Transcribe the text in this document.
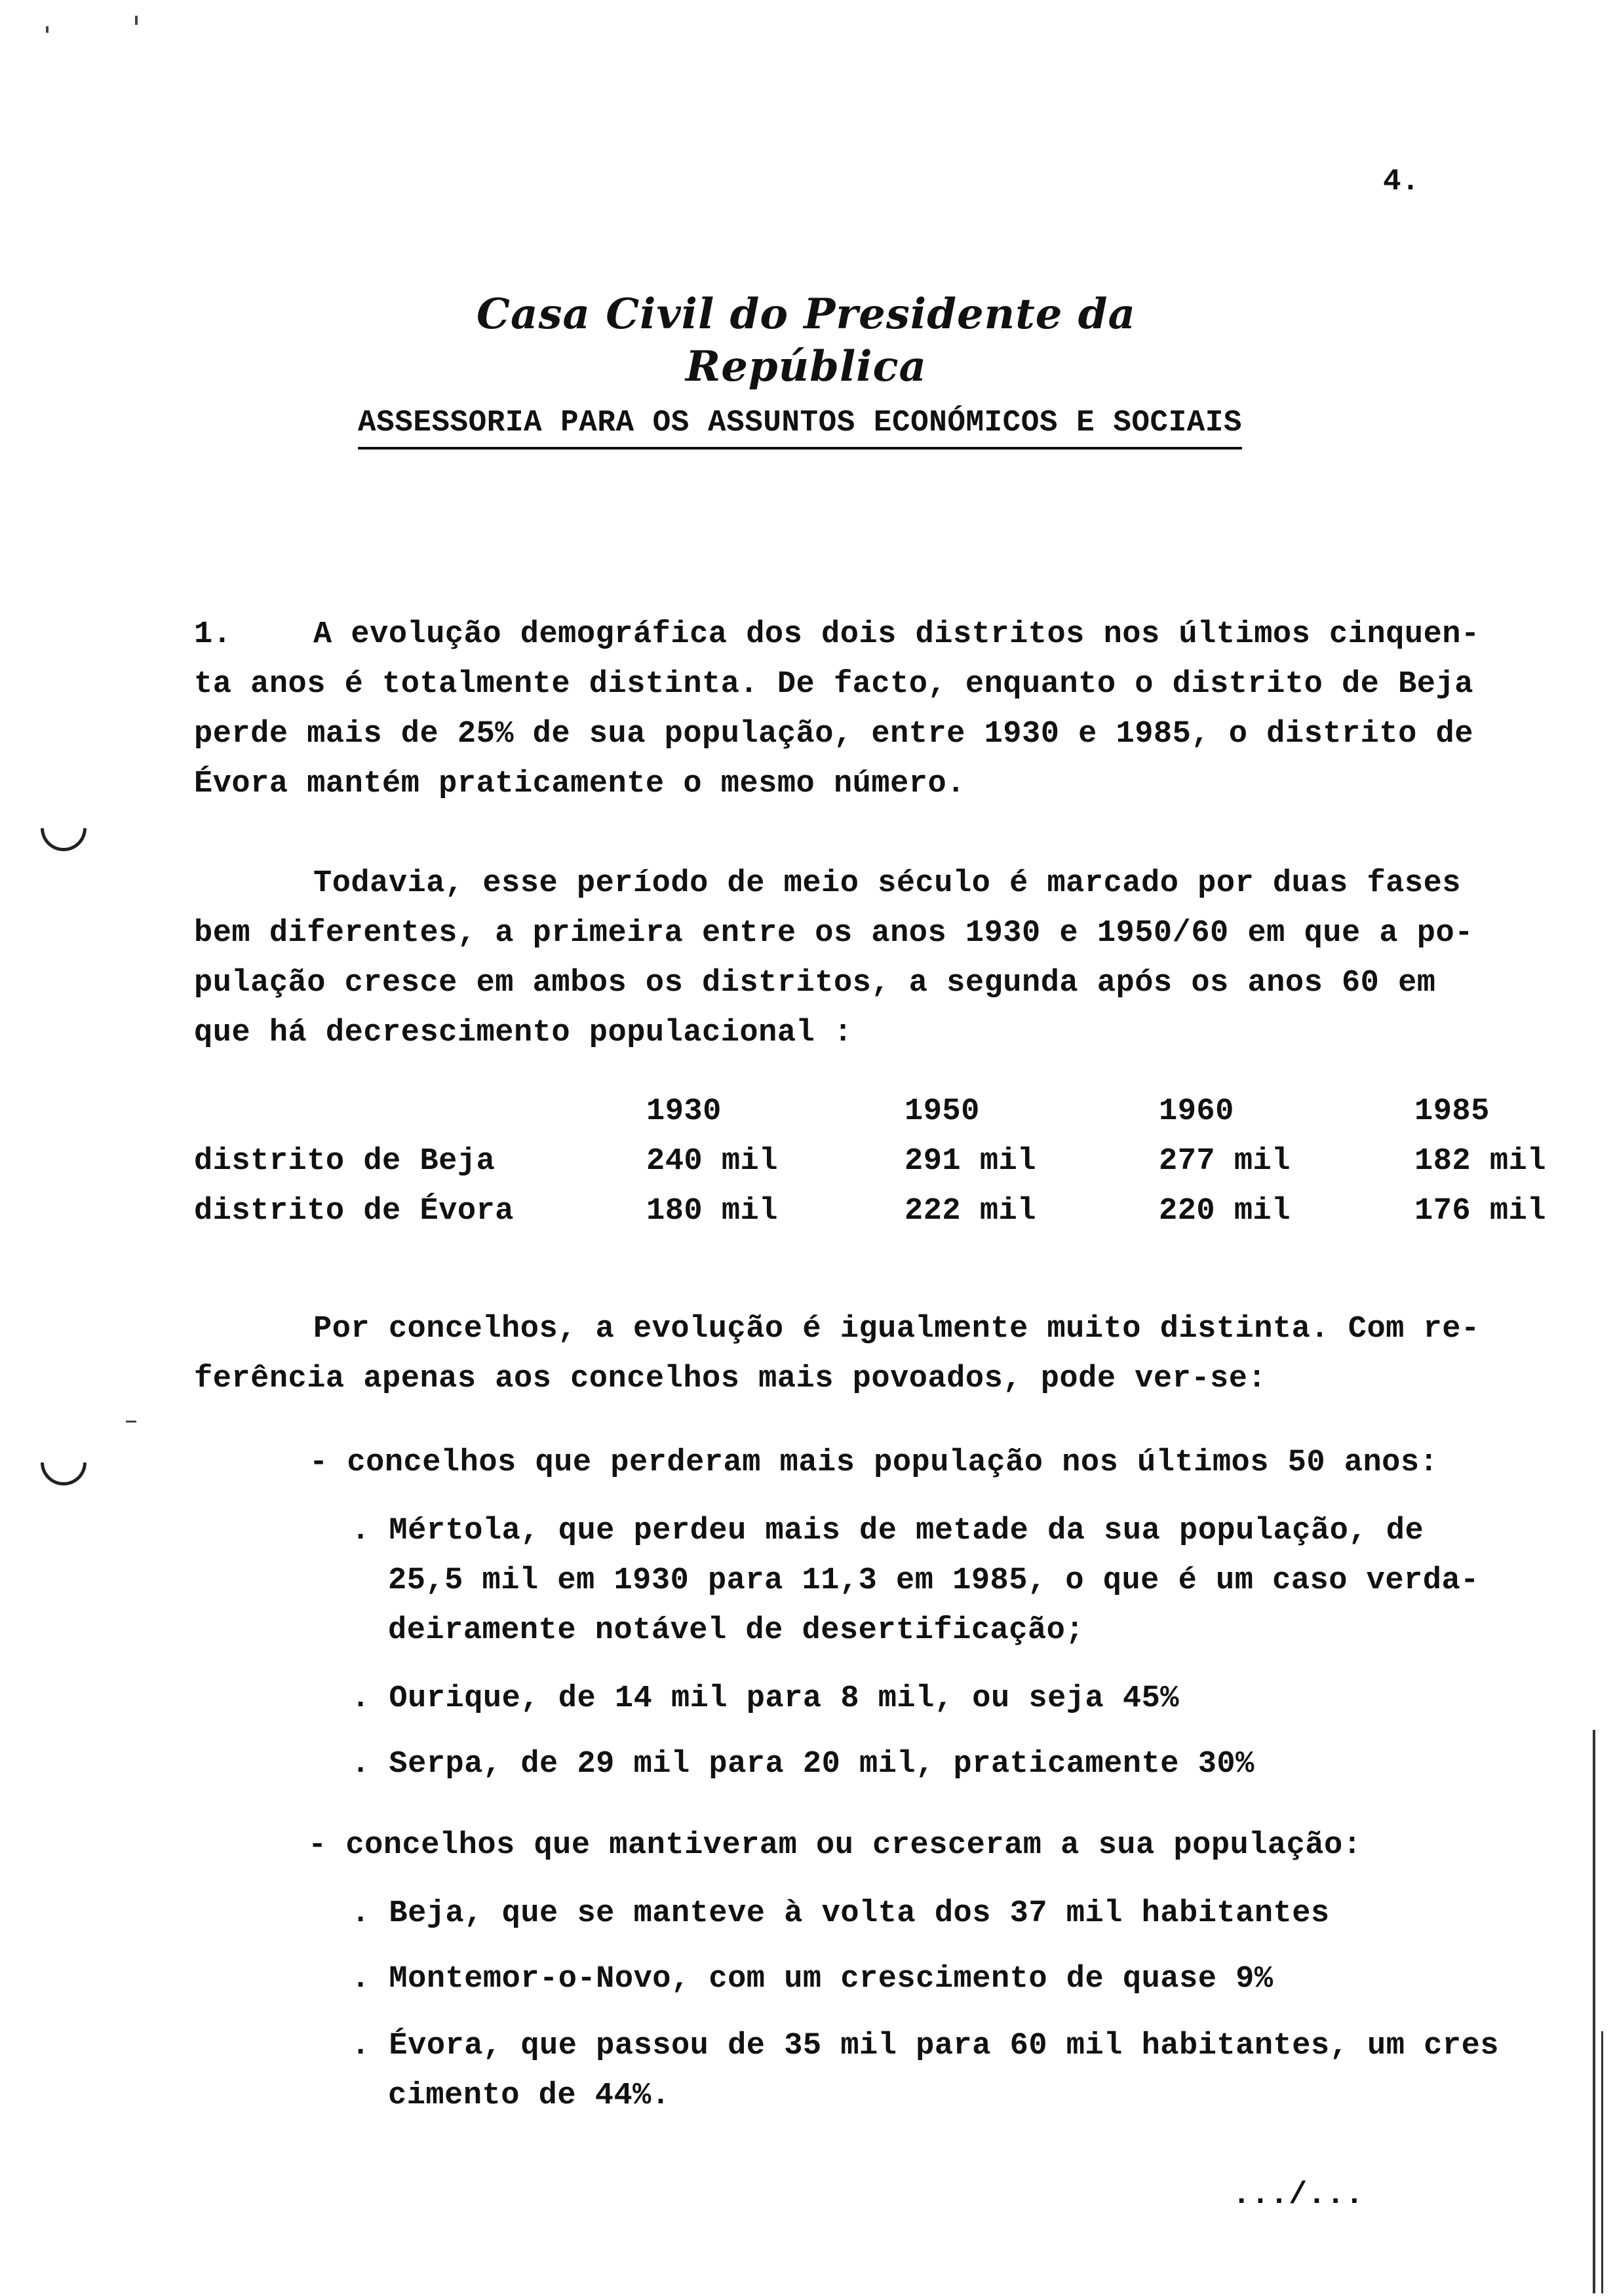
4.
Casa Civil do Presidente da República
ASSESSORIA PARA OS ASSUNTOS ECONÓMICOS E SOCIAIS
1.	A evolução demográfica dos dois distritos nos últimos cinquen-
ta anos é totalmente distinta. De facto, enquanto o distrito de Beja
perde mais de 25% de sua população, entre 1930 e 1985, o distrito de
Évora mantém praticamente o mesmo número.
Todavia, esse período de meio século é marcado por duas fases
bem diferentes, a primeira entre os anos 1930 e 1950/60 em que a po-
pulação cresce em ambos os distritos, a segunda após os anos 60 em
que há decrescimento populacional :
1930	1950	1960	1985
distrito de Beja	240 mil	291 mil	277 mil	182 mil
distrito de Évora	180 mil	222 mil	220 mil	176 mil
Por concelhos, a evolução é igualmente muito distinta. Com re-
ferência apenas aos concelhos mais povoados, pode ver-se:
- concelhos que perderam mais população nos últimos 50 anos:
. Mértola, que perdeu mais de metade da sua população, de
25,5 mil em 1930 para 11,3 em 1985, o que é um caso verda-
deiramente notável de desertificação;
. Ourique, de 14 mil para 8 mil, ou seja 45%
. Serpa, de 29 mil para 20 mil, praticamente 30%
- concelhos que mantiveram ou cresceram a sua população:
. Beja, que se manteve à volta dos 37 mil habitantes
. Montemor-o-Novo, com um crescimento de quase 9%
. Évora, que passou de 35 mil para 60 mil habitantes, um cres
cimento de 44%.
.../...
